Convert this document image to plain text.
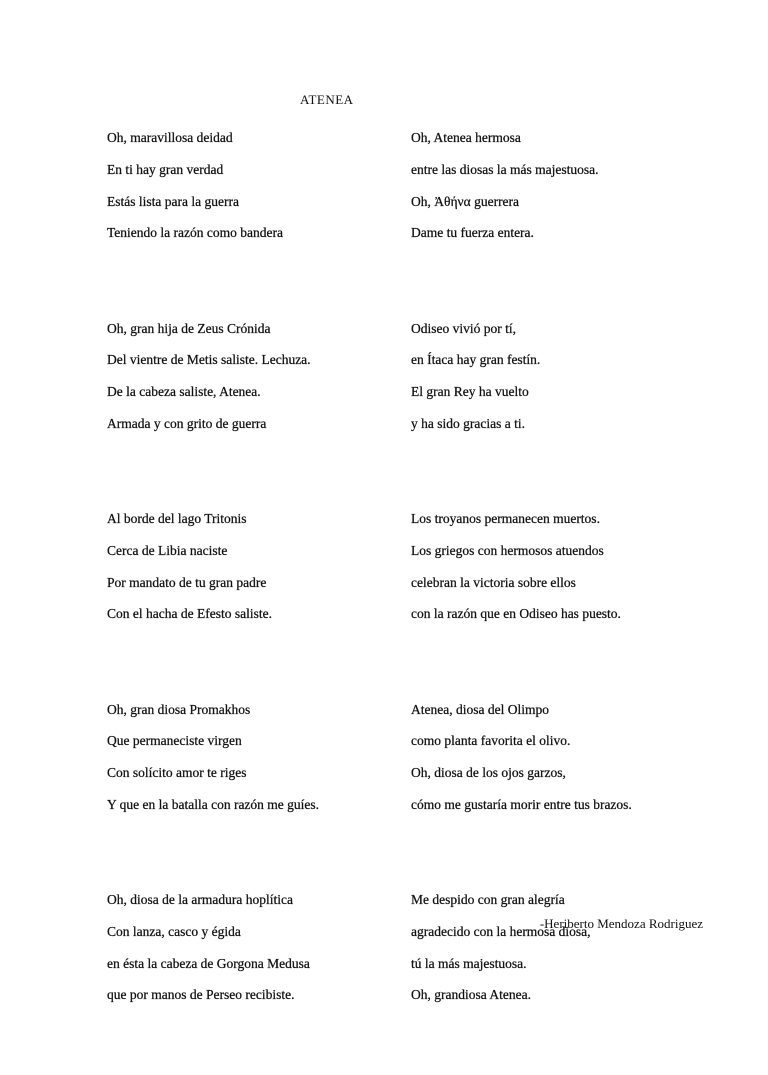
ATENEA
Oh, maravillosa deidad
En ti hay gran verdad
Estás lista para la guerra
Teniendo la razón como bandera
Oh, gran hija de Zeus Crónida
Del vientre de Metis saliste. Lechuza.
De la cabeza saliste, Atenea.
Armada y con grito de guerra
Al borde del lago Tritonis
Cerca de Libia naciste
Por mandato de tu gran padre
Con el hacha de Efesto saliste.
Oh, gran diosa Promakhos
Que permaneciste virgen
Con solícito amor te riges
Y que en la batalla con razón me guíes.
Oh, diosa de la armadura hoplítica
Con lanza, casco y égida
en ésta la cabeza de Gorgona Medusa
que por manos de Perseo recibiste.
Oh, Atenea hermosa
entre las diosas la más majestuosa.
Oh, Ἀθήνα guerrera
Dame tu fuerza entera.
Odiseo vivió por tí,
en Ítaca hay gran festín.
El gran Rey ha vuelto
y ha sido gracias a ti.
Los troyanos permanecen muertos.
Los griegos con hermosos atuendos
celebran la victoria sobre ellos
con la razón que en Odiseo has puesto.
Atenea, diosa del Olimpo
como planta favorita el olivo.
Oh, diosa de los ojos garzos,
cómo me gustaría morir entre tus brazos.
Me despido con gran alegría
agradecido con la hermosa diosa,
tú la más majestuosa.
Oh, grandiosa Atenea.
-Heriberto Mendoza Rodriguez
